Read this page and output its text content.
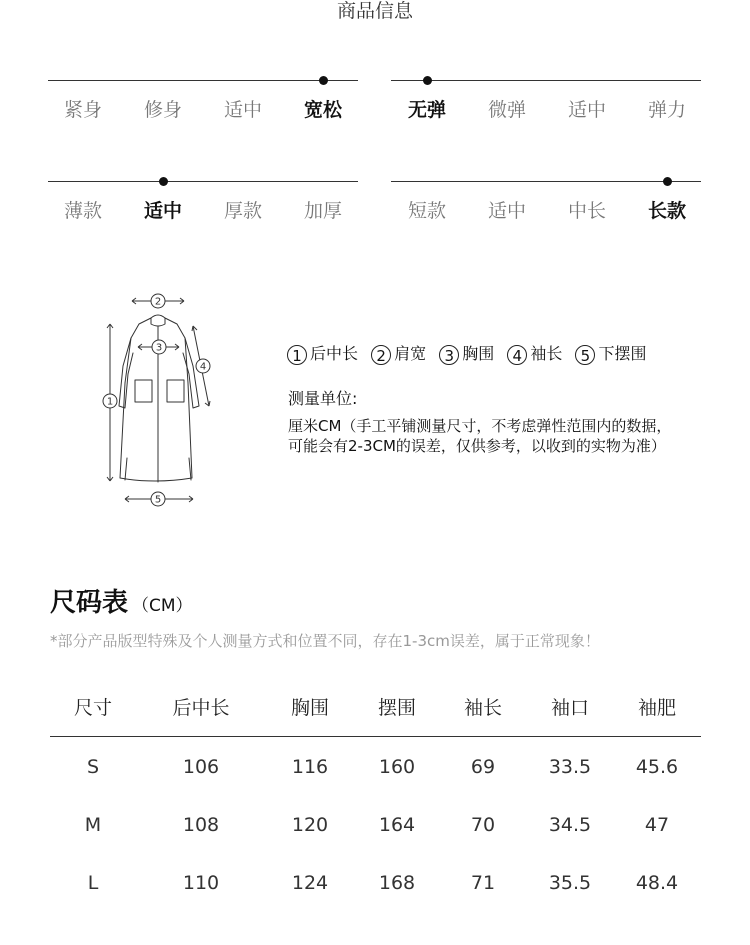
商品信息
紧身	修身	适中	宽松	无弹	微弹	适中	弹力
薄款	适中	厚款	加厚	短款	适中	中长	长款
2
3
1
4
5
1 后中长 2 肩宽 3 胸围 4 袖长 5 下摆围
测量单位:
厘米CM（手工平铺测量尺寸，不考虑弹性范围内的数据，
可能会有2-3CM的误差，仅供参考，以收到的实物为准）
尺码表 （CM）
*部分产品版型特殊及个人测量方式和位置不同，存在1-3cm误差，属于正常现象！
尺寸	后中长	胸围	摆围	袖长	袖口	袖肥
S	106	116	160	69	33.5	45.6
M	108	120	164	70	34.5	47
L	110	124	168	71	35.5	48.4
